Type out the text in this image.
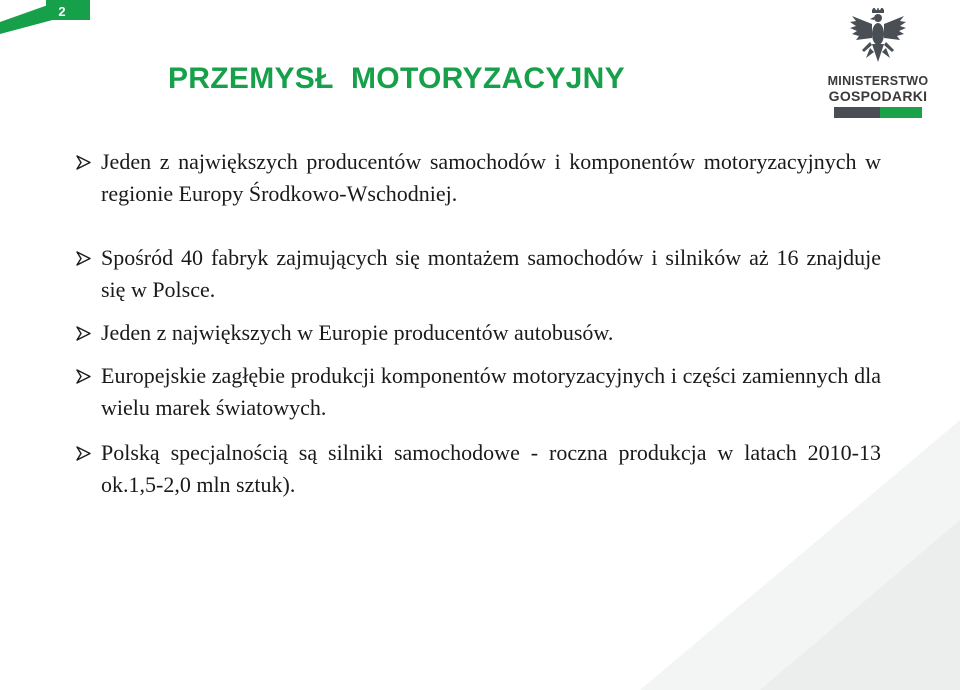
2
MINISTERSTWO
GOSPODARKI
PRZEMYSŁ  MOTORYZACYJNY
Jeden z największych producentów samochodów i komponentów motoryzacyjnych w regionie Europy Środkowo-Wschodniej.
Spośród 40 fabryk zajmujących się montażem samochodów i silników aż 16 znajduje się w Polsce.
Jeden z największych w Europie producentów autobusów.
Europejskie zagłębie produkcji komponentów motoryzacyjnych i części zamiennych dla wielu marek światowych.
Polską specjalnością są silniki samochodowe - roczna produkcja w latach 2010-13 ok.1,5-2,0 mln sztuk).
